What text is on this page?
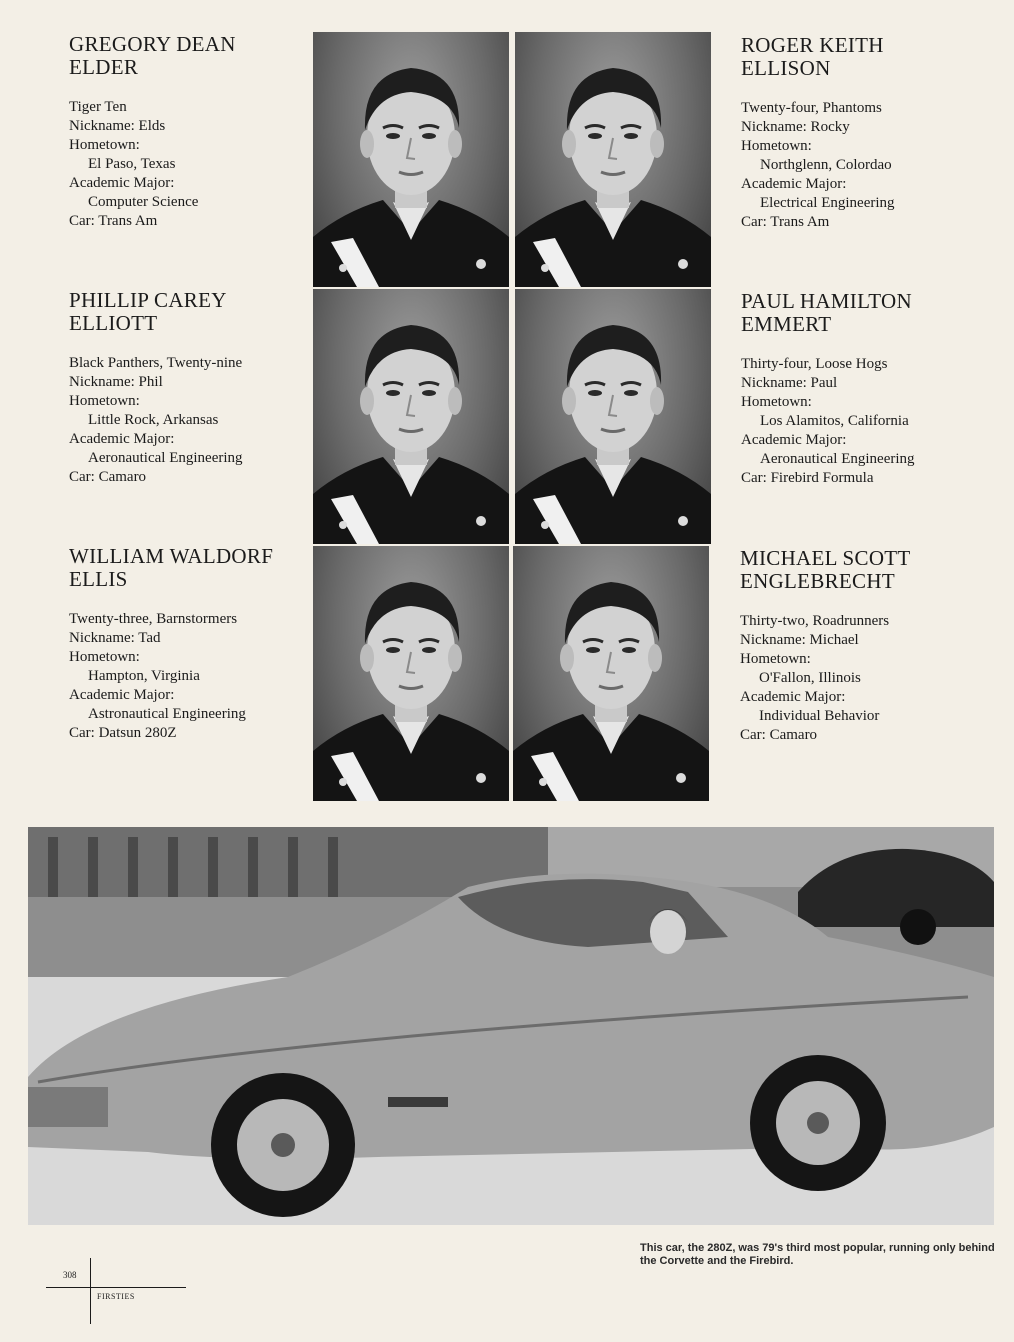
GREGORY DEAN
ELDER
Tiger Ten
Nickname: Elds
Hometown:
El Paso, Texas
Academic Major:
Computer Science
Car: Trans Am
ROGER KEITH
ELLISON
Twenty-four, Phantoms
Nickname: Rocky
Hometown:
Northglenn, Colordao
Academic Major:
Electrical Engineering
Car: Trans Am
PHILLIP CAREY
ELLIOTT
Black Panthers, Twenty-nine
Nickname: Phil
Hometown:
Little Rock, Arkansas
Academic Major:
Aeronautical Engineering
Car: Camaro
PAUL HAMILTON
EMMERT
Thirty-four, Loose Hogs
Nickname: Paul
Hometown:
Los Alamitos, California
Academic Major:
Aeronautical Engineering
Car: Firebird Formula
WILLIAM WALDORF
ELLIS
Twenty-three, Barnstormers
Nickname: Tad
Hometown:
Hampton, Virginia
Academic Major:
Astronautical Engineering
Car: Datsun 280Z
MICHAEL SCOTT
ENGLEBRECHT
Thirty-two, Roadrunners
Nickname: Michael
Hometown:
O'Fallon, Illinois
Academic Major:
Individual Behavior
Car: Camaro
This car, the 280Z, was 79's third most popular, running only behind the Corvette and the Firebird.
308
FIRSTIES
